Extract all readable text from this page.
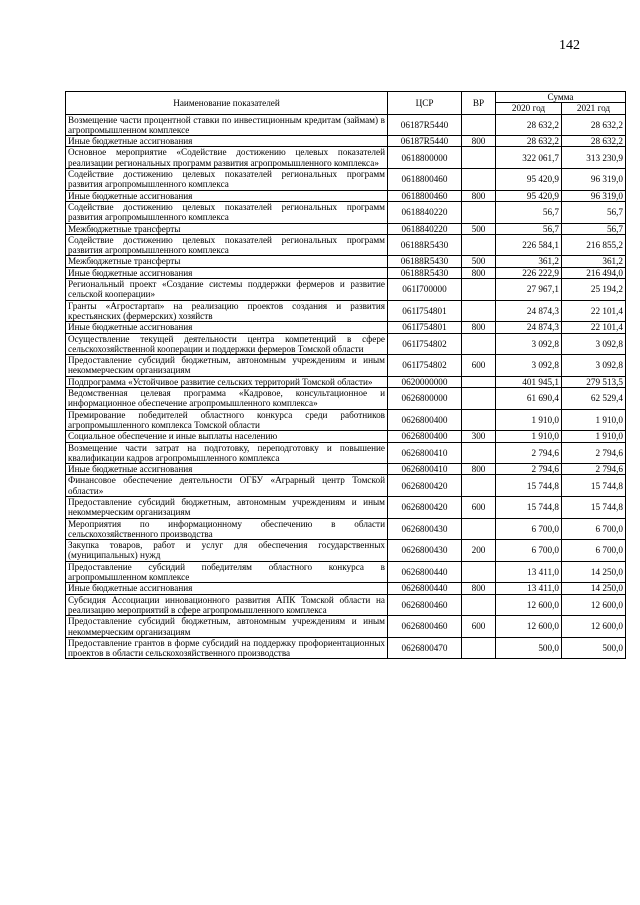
142
Наименование показателей	ЦСР	ВР	Сумма	
			2020 год	2021 год
Возмещение части процентной ставки по инвестиционным кредитам (займам) в агропромышленном комплексе	06187R5440		28 632,2	28 632,2
Иные бюджетные ассигнования	06187R5440	800	28 632,2	28 632,2
Основное мероприятие «Содействие достижению целевых показателей реализации региональных программ развития агропромышленного комплекса»	0618800000		322 061,7	313 230,9
Содействие достижению целевых показателей региональных программ развития агропромышленного комплекса	0618800460		95 420,9	96 319,0
Иные бюджетные ассигнования	0618800460	800	95 420,9	96 319,0
Содействие достижению целевых показателей региональных программ развития агропромышленного комплекса	0618840220		56,7	56,7
Межбюджетные трансферты	0618840220	500	56,7	56,7
Содействие достижению целевых показателей региональных программ развития агропромышленного комплекса	06188R5430		226 584,1	216 855,2
Межбюджетные трансферты	06188R5430	500	361,2	361,2
Иные бюджетные ассигнования	06188R5430	800	226 222,9	216 494,0
Региональный проект «Создание системы поддержки фермеров и развитие сельской кооперации»	061I700000		27 967,1	25 194,2
Гранты «Агростартап» на реализацию проектов создания и развития крестьянских (фермерских) хозяйств	061I754801		24 874,3	22 101,4
Иные бюджетные ассигнования	061I754801	800	24 874,3	22 101,4
Осуществление текущей деятельности центра компетенций в сфере сельскохозяйственной кооперации и поддержки фермеров Томской области	061I754802		3 092,8	3 092,8
Предоставление субсидий бюджетным, автономным учреждениям и иным некоммерческим организациям	061I754802	600	3 092,8	3 092,8
Подпрограмма «Устойчивое развитие сельских территорий Томской области»	0620000000		401 945,1	279 513,5
Ведомственная целевая программа «Кадровое, консультационное и информационное обеспечение агропромышленного комплекса»	0626800000		61 690,4	62 529,4
Премирование победителей областного конкурса среди работников агропромышленного комплекса Томской области	0626800400		1 910,0	1 910,0
Социальное обеспечение и иные выплаты населению	0626800400	300	1 910,0	1 910,0
Возмещение части затрат на подготовку, переподготовку и повышение квалификации кадров агропромышленного комплекса	0626800410		2 794,6	2 794,6
Иные бюджетные ассигнования	0626800410	800	2 794,6	2 794,6
Финансовое обеспечение деятельности ОГБУ «Аграрный центр Томской области»	0626800420		15 744,8	15 744,8
Предоставление субсидий бюджетным, автономным учреждениям и иным некоммерческим организациям	0626800420	600	15 744,8	15 744,8
Мероприятия по информационному обеспечению в области сельскохозяйственного производства	0626800430		6 700,0	6 700,0
Закупка товаров, работ и услуг для обеспечения государственных (муниципальных) нужд	0626800430	200	6 700,0	6 700,0
Предоставление субсидий победителям областного конкурса в агропромышленном комплексе	0626800440		13 411,0	14 250,0
Иные бюджетные ассигнования	0626800440	800	13 411,0	14 250,0
Субсидия Ассоциации инновационного развития АПК Томской области на реализацию мероприятий в сфере агропромышленного комплекса	0626800460		12 600,0	12 600,0
Предоставление субсидий бюджетным, автономным учреждениям и иным некоммерческим организациям	0626800460	600	12 600,0	12 600,0
Предоставление грантов в форме субсидий на поддержку профориентационных проектов в области сельскохозяйственного производства	0626800470		500,0	500,0
